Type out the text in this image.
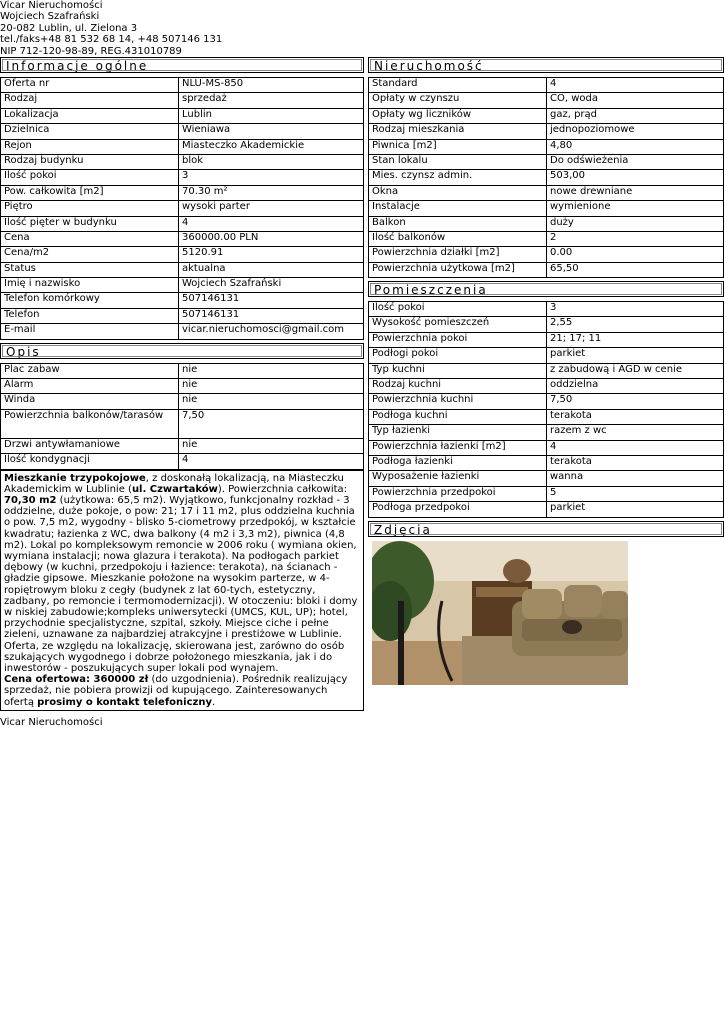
Vicar Nieruchomości
Wojciech Szafrański
20-082 Lublin, ul. Zielona 3
tel./faks+48 81 532 68 14, +48 507146 131
NIP 712-120-98-89, REG.431010789
Informacje ogólne
Oferta nr	NLU-MS-850
Rodzaj	sprzedaż
Lokalizacja	Lublin
Dzielnica	Wieniawa
Rejon	Miasteczko Akademickie
Rodzaj budynku	blok
Ilość pokoi	3
Pow. całkowita [m2]	70.30 m²
Piętro	wysoki parter
Ilość pięter w budynku	4
Cena	360000.00 PLN
Cena/m2	5120.91
Status	aktualna
Imię i nazwisko	Wojciech Szafrański
Telefon komórkowy	507146131
Telefon	507146131
E-mail	vicar.nieruchomosci@gmail.com
Opis
Plac zabaw	nie
Alarm	nie
Winda	nie
Powierzchnia balkonów/tarasów	7,50
Drzwi antywłamaniowe	nie
Ilość kondygnacji	4
Mieszkanie trzypokojowe, z doskonałą lokalizacją, na Miasteczku Akademickim w Lublinie (ul. Czwartaków). Powierzchnia całkowita: 70,30 m2 (użytkowa: 65,5 m2). Wyjątkowo, funkcjonalny rozkład - 3 oddzielne, duże pokoje, o pow: 21; 17 i 11 m2, plus oddzielna kuchnia o pow. 7,5 m2, wygodny - blisko 5-ciometrowy przedpokój, w kształcie kwadratu; łazienka z WC, dwa balkony (4 m2 i 3,3 m2), piwnica (4,8 m2). Lokal po kompleksowym remoncie w 2006 roku ( wymiana okien, wymiana instalacji; nowa glazura i terakota). Na podłogach parkiet dębowy (w kuchni, przedpokoju i łazience: terakota), na ścianach - gładzie gipsowe. Mieszkanie położone na wysokim parterze, w 4-ropiętrowym bloku z cegły (budynek z lat 60-tych, estetyczny, zadbany, po remoncie i termomodernizacji). W otoczeniu: bloki i domy w niskiej zabudowie;kompleks uniwersytecki (UMCS, KUL, UP); hotel, przychodnie specjalistyczne, szpital, szkoły. Miejsce ciche i pełne zieleni, uznawane za najbardziej atrakcyjne i prestiżowe w Lublinie. Oferta, ze względu na lokalizację, skierowana jest, zarówno do osób szukających wygodnego i dobrze położonego mieszkania, jak i do inwestorów - poszukujących super lokali pod wynajem.
Cena ofertowa: 360000 zł (do uzgodnienia). Pośrednik realizujący sprzedaż, nie pobiera prowizji od kupującego. Zainteresowanych ofertą prosimy o kontakt telefoniczny.
Nieruchomość
Standard	4
Opłaty w czynszu	CO, woda
Opłaty wg liczników	gaz, prąd
Rodzaj mieszkania	jednopoziomowe
Piwnica [m2]	4,80
Stan lokalu	Do odświeżenia
Mies. czynsz admin.	503,00
Okna	nowe drewniane
Instalacje	wymienione
Balkon	duży
Ilość balkonów	2
Powierzchnia działki [m2]	0.00
Powierzchnia użytkowa [m2]	65,50
Pomieszczenia
Ilość pokoi	3
Wysokość pomieszczeń	2,55
Powierzchnia pokoi	21; 17; 11
Podłogi pokoi	parkiet
Typ kuchni	z zabudową i AGD w cenie
Rodzaj kuchni	oddzielna
Powierzchnia kuchni	7,50
Podłoga kuchni	terakota
Typ łazienki	razem z wc
Powierzchnia łazienki [m2]	4
Podłoga łazienki	terakota
Wyposażenie łazienki	wanna
Powierzchnia przedpokoi	5
Podłoga przedpokoi	parkiet
Zdjęcia
Vicar Nieruchomości
